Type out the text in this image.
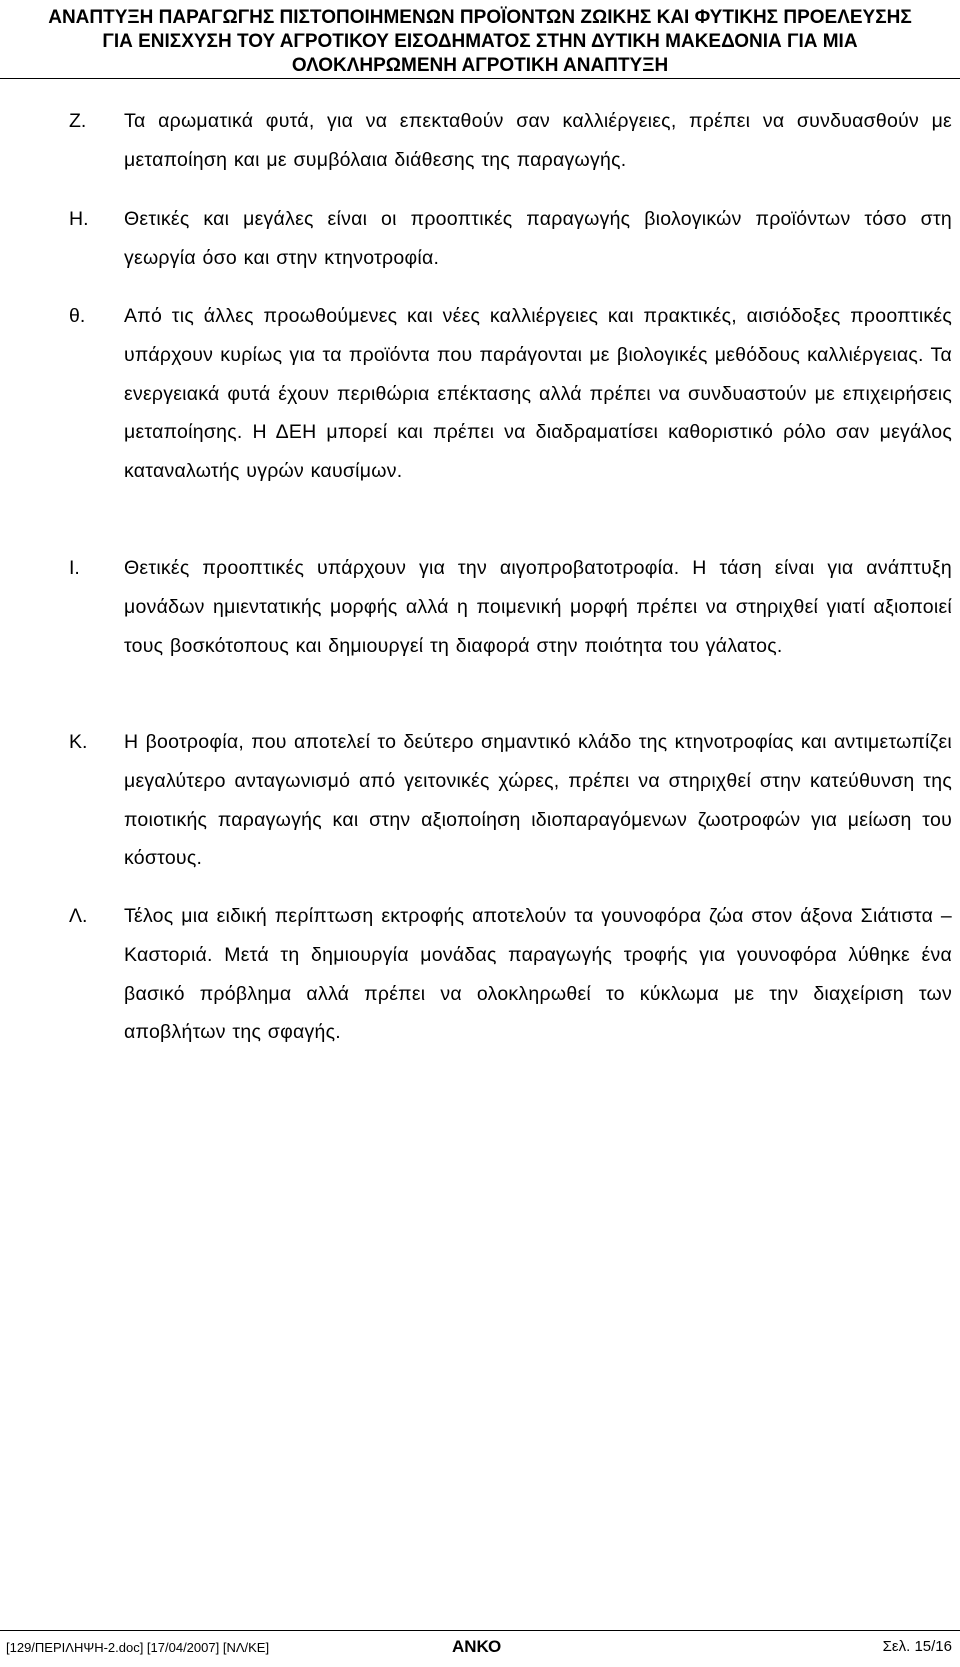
ΑΝΑΠΤΥΞΗ ΠΑΡΑΓΩΓΗΣ ΠΙΣΤΟΠΟΙΗΜΕΝΩΝ ΠΡΟΪΟΝΤΩΝ ΖΩΙΚΗΣ ΚΑΙ ΦΥΤΙΚΗΣ ΠΡΟΕΛΕΥΣΗΣ
ΓΙΑ ΕΝΙΣΧΥΣΗ ΤΟΥ ΑΓΡΟΤΙΚΟΥ ΕΙΣΟΔΗΜΑΤΟΣ ΣΤΗΝ ΔΥΤΙΚΗ ΜΑΚΕΔΟΝΙΑ ΓΙΑ ΜΙΑ
ΟΛΟΚΛΗΡΩΜΕΝΗ ΑΓΡΟΤΙΚΗ ΑΝΑΠΤΥΞΗ
Ζ. Τα αρωματικά φυτά, για να επεκταθούν σαν καλλιέργειες, πρέπει να συνδυασθούν με μεταποίηση και με συμβόλαια διάθεσης της παραγωγής.
Η. Θετικές και μεγάλες είναι οι προοπτικές παραγωγής βιολογικών προϊόντων τόσο στη γεωργία όσο και στην κτηνοτροφία.
θ. Από τις άλλες προωθούμενες και νέες καλλιέργειες και πρακτικές, αισιόδοξες προοπτικές υπάρχουν κυρίως για τα προϊόντα που παράγονται με βιολογικές μεθόδους καλλιέργειας. Τα ενεργειακά φυτά έχουν περιθώρια επέκτασης αλλά πρέπει να συνδυαστούν με επιχειρήσεις μεταποίησης. Η ΔΕΗ μπορεί και πρέπει να διαδραματίσει καθοριστικό ρόλο σαν μεγάλος καταναλωτής υγρών καυσίμων.
Ι. Θετικές προοπτικές υπάρχουν για την αιγοπροβατοτροφία. Η τάση είναι για ανάπτυξη μονάδων ημιεντατικής μορφής αλλά η ποιμενική μορφή πρέπει να στηριχθεί γιατί αξιοποιεί τους βοσκότοπους και δημιουργεί τη διαφορά στην ποιότητα του γάλατος.
Κ. Η βοοτροφία, που αποτελεί το δεύτερο σημαντικό κλάδο της κτηνοτροφίας και αντιμετωπίζει μεγαλύτερο ανταγωνισμό από γειτονικές χώρες, πρέπει να στηριχθεί στην κατεύθυνση της ποιοτικής παραγωγής και στην αξιοποίηση ιδιοπαραγόμενων ζωοτροφών για μείωση του κόστους.
Λ. Τέλος μια ειδική περίπτωση εκτροφής αποτελούν τα γουνοφόρα ζώα στον άξονα Σιάτιστα – Καστοριά. Μετά τη δημιουργία μονάδας παραγωγής τροφής για γουνοφόρα λύθηκε ένα βασικό πρόβλημα αλλά πρέπει να ολοκληρωθεί το κύκλωμα με την διαχείριση των αποβλήτων της σφαγής.
[129/ΠΕΡΙΛΗΨΗ-2.doc] [17/04/2007] [ΝΛ/ΚΕ]	ΑΝΚΟ	Σελ. 15/16
